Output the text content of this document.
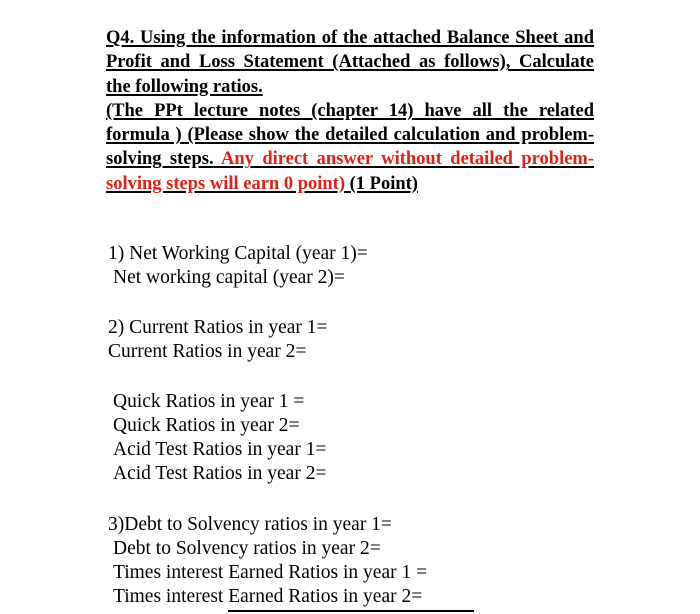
Q4. Using the information of the attached Balance Sheet and Profit and Loss Statement (Attached as follows), Calculate the following ratios.
(The PPt lecture notes (chapter 14) have all the related formula ) (Please show the detailed calculation and problem-solving steps. Any direct answer without detailed problem-solving steps will earn 0 point) (1 Point)
1) Net Working Capital (year 1)=
Net working capital (year 2)=
2) Current Ratios in year 1=
Current Ratios in year 2=
Quick Ratios in year 1 =
Quick Ratios in year 2=
Acid Test Ratios in year 1=
Acid Test Ratios in year 2=
3)Debt to Solvency ratios in year 1=
Debt to Solvency ratios in year 2=
Times interest Earned Ratios in year 1 =
Times interest Earned Ratios in year 2=
